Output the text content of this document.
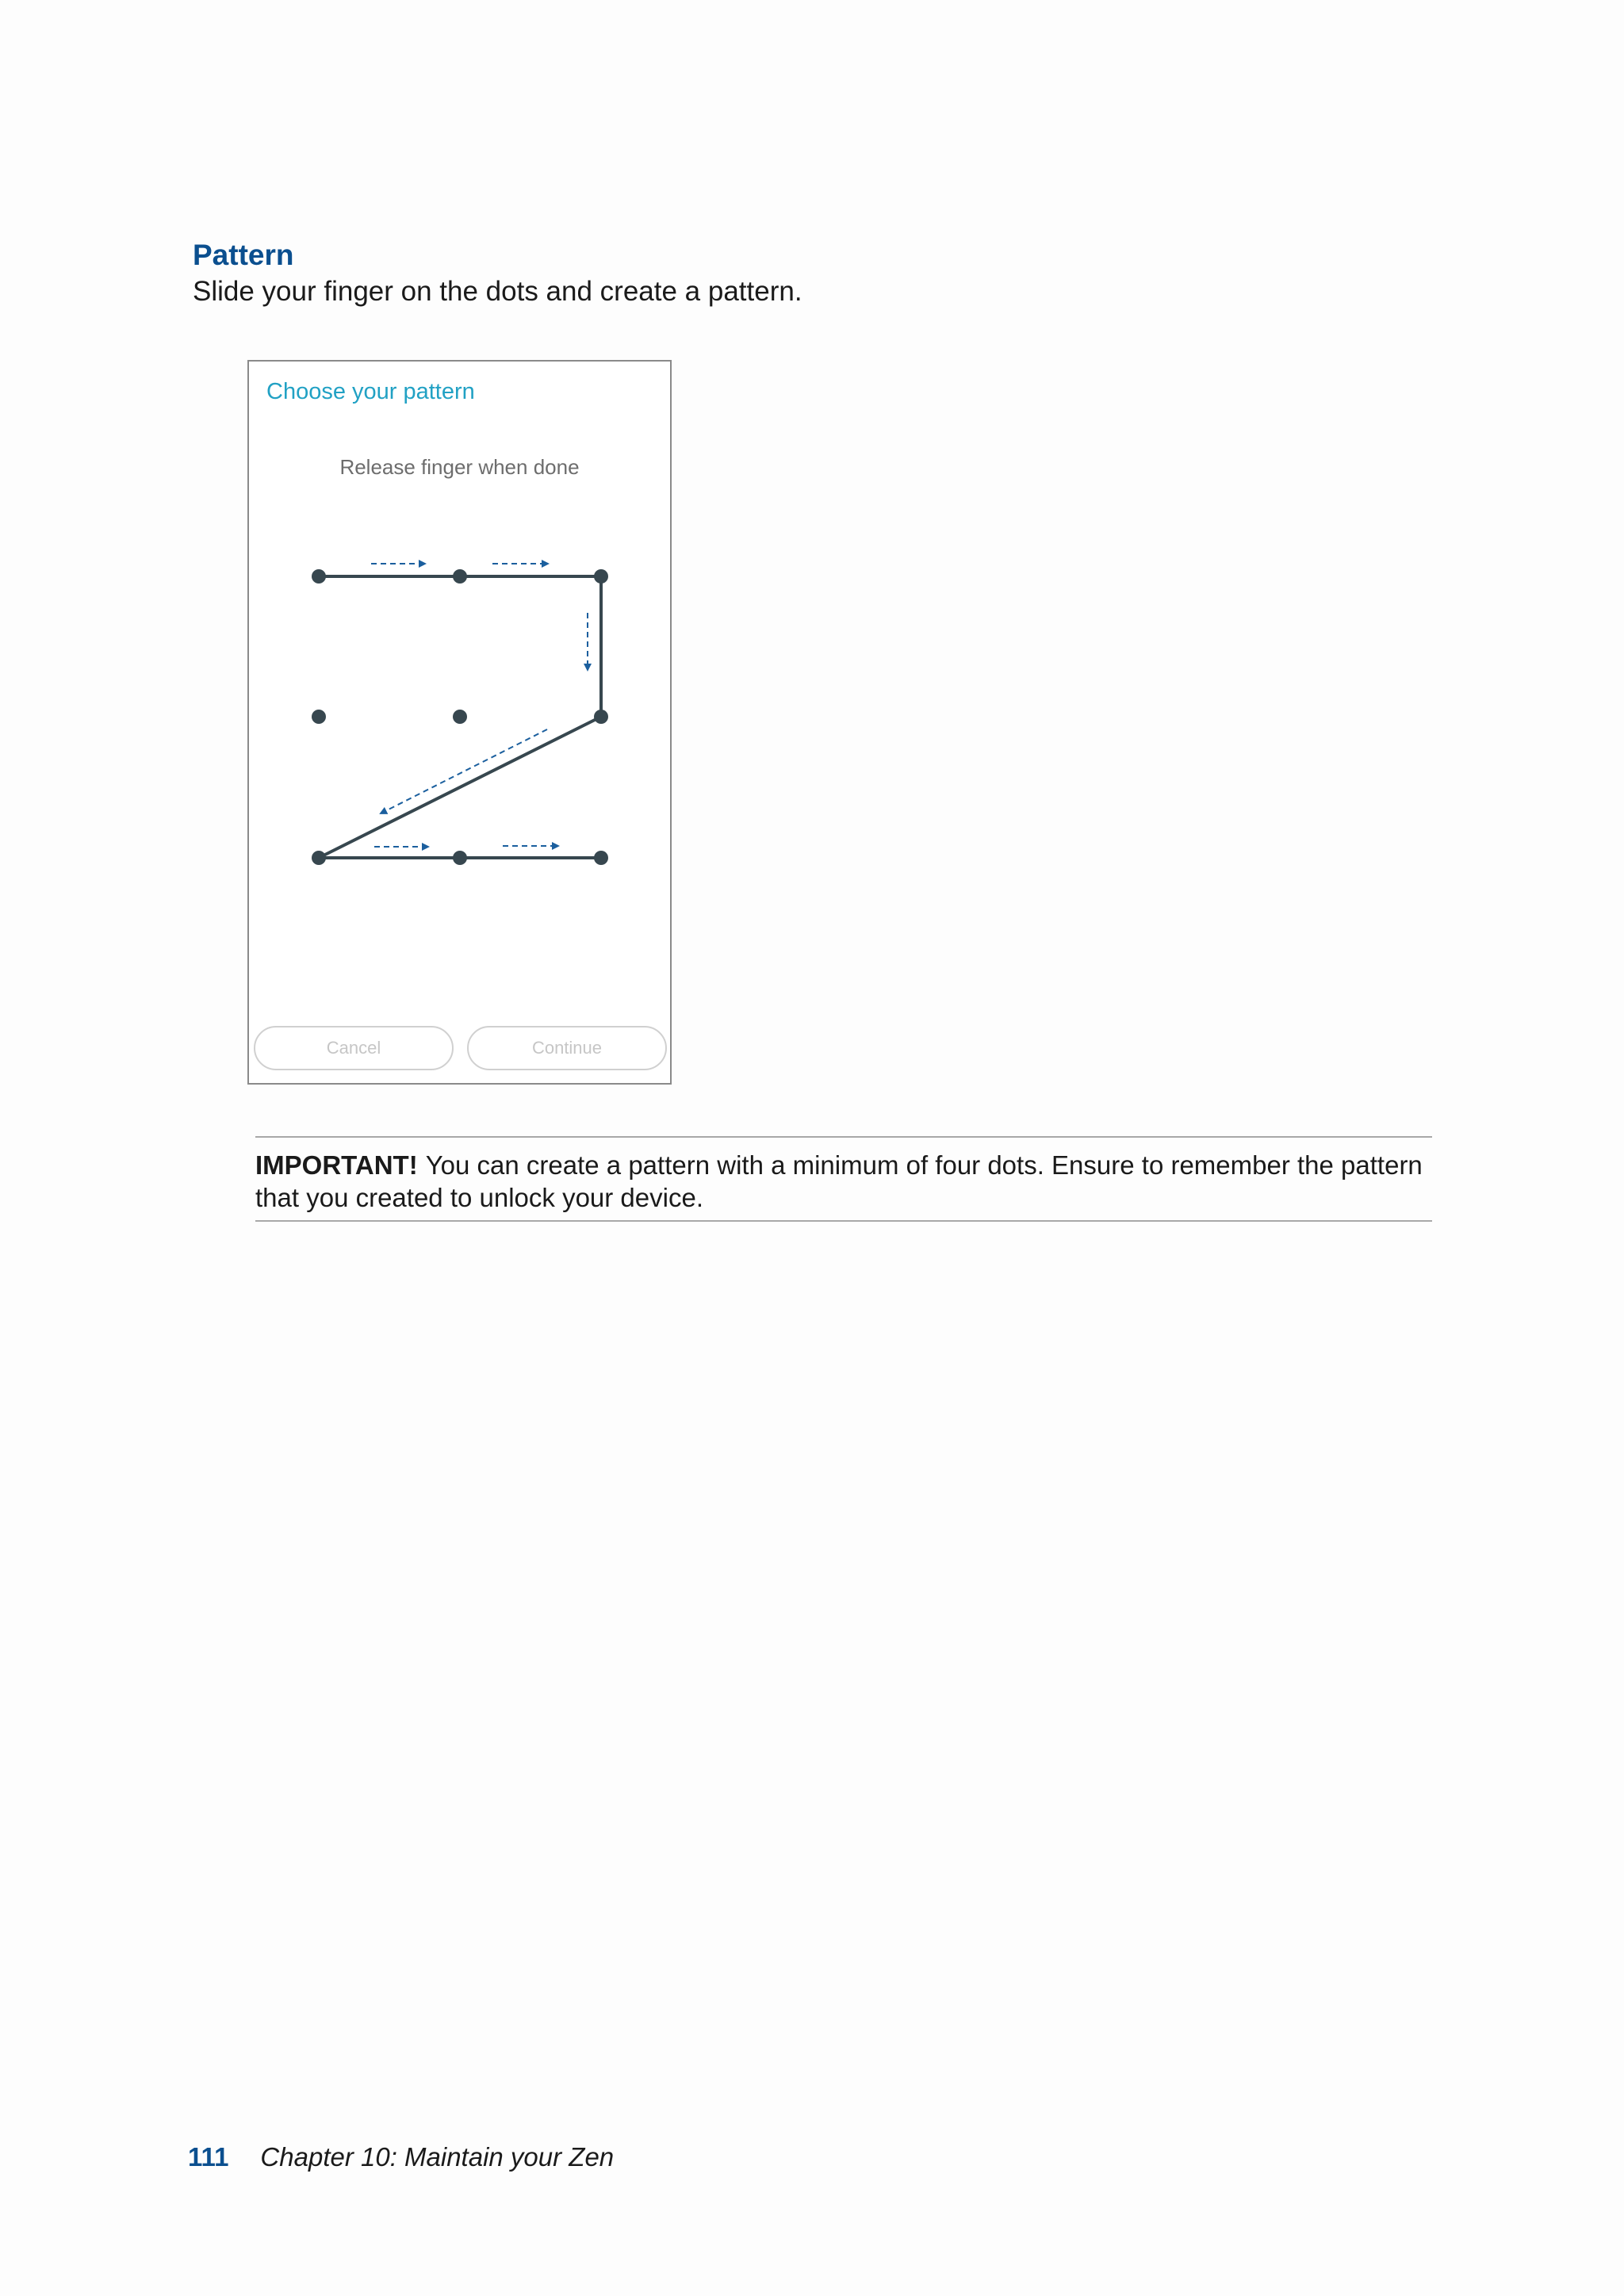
Pattern

Slide your finger on the dots and create a pattern.

Choose your pattern
Release finger when done
Cancel	Continue

IMPORTANT! You can create a pattern with a minimum of four dots. Ensure to remember the pattern that you created to unlock your device.

111 Chapter 10: Maintain your Zen
